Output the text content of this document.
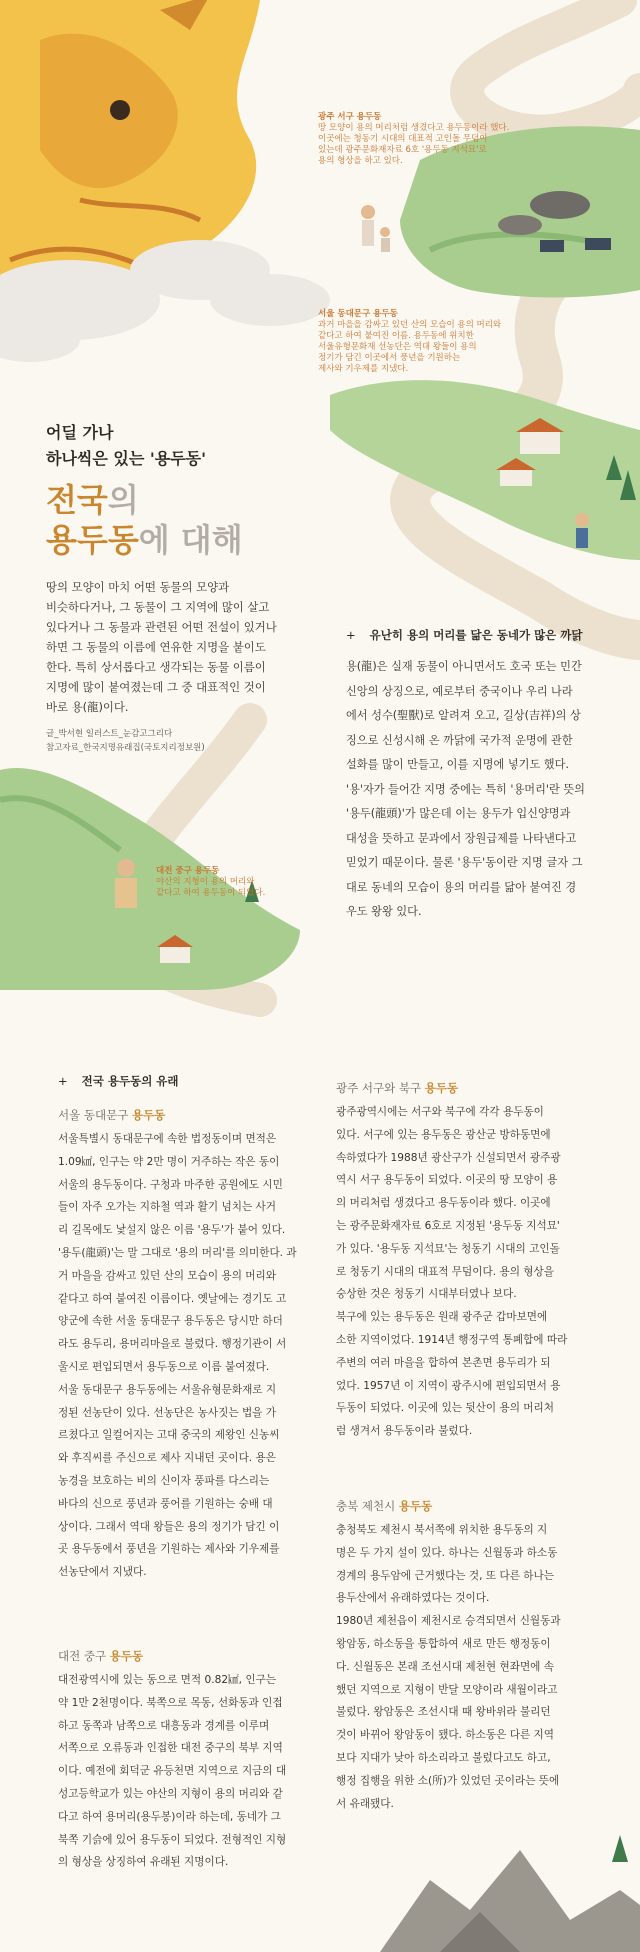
광주 서구 용두동
땅 모양이 용의 머리처럼 생겼다고 용두동이라 했다.
이곳에는 청동기 시대의 대표적 고인돌 무덤이
있는데 광주문화재자료 6호 '용두동 지석묘'로
용의 형상을 하고 있다.
서울 동대문구 용두동
과거 마을을 감싸고 있던 산의 모습이 용의 머리와
같다고 하여 붙여진 이름. 용두동에 위치한
서울유형문화재 선농단은 역대 왕들이 용의
정기가 담긴 이곳에서 풍년을 기원하는
제사와 기우제를 지냈다.
대전 중구 용두동
야산의 지형이 용의 머리와
같다고 하여 용두동이 되었다.
어딜 가나
하나씩은 있는 '용두동'
전국의
용두동에 대해
땅의 모양이 마치 어떤 동물의 모양과
비슷하다거나, 그 동물이 그 지역에 많이 살고
있다거나 그 동물과 관련된 어떤 전설이 있거나
하면 그 동물의 이름에 연유한 지명을 붙이도
한다. 특히 상서롭다고 생각되는 동물 이름이
지명에 많이 붙여졌는데 그 중 대표적인 것이
바로 용(龍)이다.
글_박서현 일러스트_눈감고그리다
참고자료_한국지명유래집(국토지리정보원)
+ 유난히 용의 머리를 닮은 동네가 많은 까닭

용(龍)은 실재 동물이 아니면서도 호국 또는 민간

신앙의 상징으로, 예로부터 중국이나 우리 나라

에서 성수(聖獸)로 알려져 오고, 길상(吉祥)의 상

징으로 신성시해 온 까닭에 국가적 운명에 관한

설화를 많이 만들고, 이를 지명에 넣기도 했다.

'용'자가 들어간 지명 중에는 특히 '용머리'란 뜻의

'용두(龍頭)'가 많은데 이는 용두가 입신양명과

대성을 뜻하고 문과에서 장원급제를 나타낸다고

믿었기 때문이다. 물론 '용두'동이란 지명 글자 그

대로 동네의 모습이 용의 머리를 닮아 붙여진 경

우도 왕왕 있다.

+ 전국 용두동의 유래
서울 동대문구 용두동

서울특별시 동대문구에 속한 법정동이며 면적은

1.09㎢, 인구는 약 2만 명이 거주하는 작은 동이

서울의 용두동이다. 구청과 마주한 공원에도 시민

들이 자주 오가는 지하철 역과 활기 넘치는 사거

리 길목에도 낯설지 않은 이름 '용두'가 붙어 있다.

'용두(龍頭)'는 말 그대로 '용의 머리'를 의미한다. 과

거 마을을 감싸고 있던 산의 모습이 용의 머리와

같다고 하여 붙여진 이름이다. 옛날에는 경기도 고

양군에 속한 서울 동대문구 용두동은 당시만 하더

라도 용두리, 용머리마을로 불렸다. 행정기관이 서

울시로 편입되면서 용두동으로 이름 붙여졌다.

서울 동대문구 용두동에는 서울유형문화재로 지

정된 선농단이 있다. 선농단은 농사짓는 법을 가

르쳤다고 일컬어지는 고대 중국의 제왕인 신농씨

와 후직씨를 주신으로 제사 지내던 곳이다. 용은

농경을 보호하는 비의 신이자 풍파를 다스리는

바다의 신으로 풍년과 풍어를 기원하는 숭배 대

상이다. 그래서 역대 왕들은 용의 정기가 담긴 이

곳 용두동에서 풍년을 기원하는 제사와 기우제를

선농단에서 지냈다.

대전 중구 용두동

대전광역시에 있는 동으로 면적 0.82㎢, 인구는

약 1만 2천명이다. 북쪽으로 목동, 선화동과 인접

하고 동쪽과 남쪽으로 대흥동과 경계를 이루며

서쪽으로 오류동과 인접한 대전 중구의 북부 지역

이다. 예전에 회덕군 유등천면 지역으로 지금의 대

성고등학교가 있는 야산의 지형이 용의 머리와 같

다고 하여 용머리(용두봉)이라 하는데, 동네가 그

북쪽 기슭에 있어 용두동이 되었다. 전형적인 지형

의 형상을 상징하여 유래된 지명이다.

광주 서구와 북구 용두동

광주광역시에는 서구와 북구에 각각 용두동이

있다. 서구에 있는 용두동은 광산군 방하동면에

속하였다가 1988년 광산구가 신설되면서 광주광

역시 서구 용두동이 되었다. 이곳의 땅 모양이 용

의 머리처럼 생겼다고 용두동이라 했다. 이곳에

는 광주문화재자료 6호로 지정된 '용두동 지석묘'

가 있다. '용두동 지석묘'는 청동기 시대의 고인돌

로 청동기 시대의 대표적 무덤이다. 용의 형상을

숭상한 것은 청동기 시대부터였나 보다.

북구에 있는 용두동은 원래 광주군 갑마보면에

소한 지역이었다. 1914년 행정구역 통폐합에 따라

주변의 여러 마을을 합하여 본촌면 용두리가 되

었다. 1957년 이 지역이 광주시에 편입되면서 용

두동이 되었다. 이곳에 있는 뒷산이 용의 머리처

럼 생겨서 용두동이라 불렀다.

충북 제천시 용두동

충청북도 제천시 북서쪽에 위치한 용두동의 지

명은 두 가지 설이 있다. 하나는 신월동과 하소동

경계의 용두암에 근거했다는 것, 또 다른 하나는

용두산에서 유래하였다는 것이다.

1980년 제천읍이 제천시로 승격되면서 신월동과

왕암동, 하소동을 통합하여 새로 만든 행정동이

다. 신월동은 본래 조선시대 제천현 현좌면에 속

했던 지역으로 지형이 반달 모양이라 새월이라고

불렀다. 왕암동은 조선시대 때 왕바위라 불리던

것이 바뀌어 왕암동이 됐다. 하소동은 다른 지역

보다 지대가 낮아 하소리라고 불렀다고도 하고,

행정 집행을 위한 소(所)가 있었던 곳이라는 뜻에

서 유래됐다.
